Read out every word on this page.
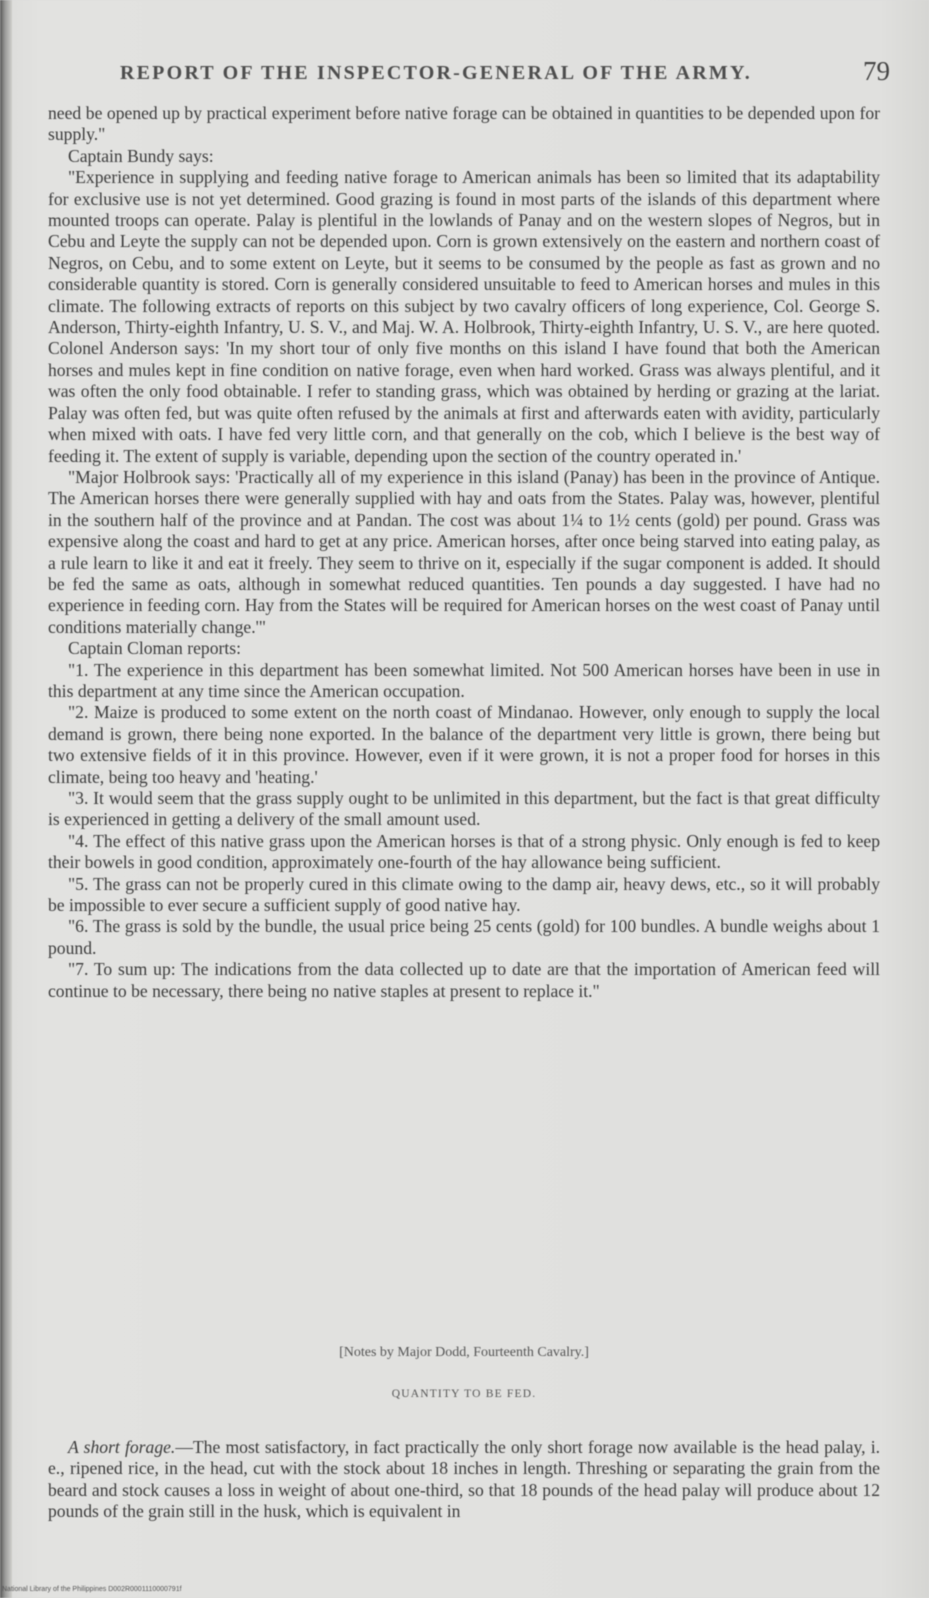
REPORT OF THE INSPECTOR-GENERAL OF THE ARMY.	79

need be opened up by practical experiment before native forage can be obtained in quantities to be depended upon for supply."

Captain Bundy says:

"Experience in supplying and feeding native forage to American animals has been so limited that its adaptability for exclusive use is not yet determined. Good grazing is found in most parts of the islands of this department where mounted troops can operate. Palay is plentiful in the lowlands of Panay and on the western slopes of Negros, but in Cebu and Leyte the supply can not be depended upon. Corn is grown extensively on the eastern and northern coast of Negros, on Cebu, and to some extent on Leyte, but it seems to be consumed by the people as fast as grown and no considerable quantity is stored. Corn is generally considered unsuitable to feed to American horses and mules in this climate. The following extracts of reports on this subject by two cavalry officers of long experience, Col. George S. Anderson, Thirty-eighth Infantry, U. S. V., and Maj. W. A. Holbrook, Thirty-eighth Infantry, U. S. V., are here quoted. Colonel Anderson says: 'In my short tour of only five months on this island I have found that both the American horses and mules kept in fine condition on native forage, even when hard worked. Grass was always plentiful, and it was often the only food obtainable. I refer to standing grass, which was obtained by herding or grazing at the lariat. Palay was often fed, but was quite often refused by the animals at first and afterwards eaten with avidity, particularly when mixed with oats. I have fed very little corn, and that generally on the cob, which I believe is the best way of feeding it. The extent of supply is variable, depending upon the section of the country operated in.'

"Major Holbrook says: 'Practically all of my experience in this island (Panay) has been in the province of Antique. The American horses there were generally supplied with hay and oats from the States. Palay was, however, plentiful in the southern half of the province and at Pandan. The cost was about 1¼ to 1½ cents (gold) per pound. Grass was expensive along the coast and hard to get at any price. American horses, after once being starved into eating palay, as a rule learn to like it and eat it freely. They seem to thrive on it, especially if the sugar component is added. It should be fed the same as oats, although in somewhat reduced quantities. Ten pounds a day suggested. I have had no experience in feeding corn. Hay from the States will be required for American horses on the west coast of Panay until conditions materially change.'"

Captain Cloman reports:

"1. The experience in this department has been somewhat limited. Not 500 American horses have been in use in this department at any time since the American occupation.

"2. Maize is produced to some extent on the north coast of Mindanao. However, only enough to supply the local demand is grown, there being none exported. In the balance of the department very little is grown, there being but two extensive fields of it in this province. However, even if it were grown, it is not a proper food for horses in this climate, being too heavy and 'heating.'

"3. It would seem that the grass supply ought to be unlimited in this department, but the fact is that great difficulty is experienced in getting a delivery of the small amount used.

"4. The effect of this native grass upon the American horses is that of a strong physic. Only enough is fed to keep their bowels in good condition, approximately one-fourth of the hay allowance being sufficient.

"5. The grass can not be properly cured in this climate owing to the damp air, heavy dews, etc., so it will probably be impossible to ever secure a sufficient supply of good native hay.

"6. The grass is sold by the bundle, the usual price being 25 cents (gold) for 100 bundles. A bundle weighs about 1 pound.

"7. To sum up: The indications from the data collected up to date are that the importation of American feed will continue to be necessary, there being no native staples at present to replace it."

[Notes by Major Dodd, Fourteenth Cavalry.]
QUANTITY TO BE FED.

A short forage.—The most satisfactory, in fact practically the only short forage now available is the head palay, i. e., ripened rice, in the head, cut with the stock about 18 inches in length. Threshing or separating the grain from the beard and stock causes a loss in weight of about one-third, so that 18 pounds of the head palay will produce about 12 pounds of the grain still in the husk, which is equivalent in

National Library of the Philippines D002R0001110000791f
